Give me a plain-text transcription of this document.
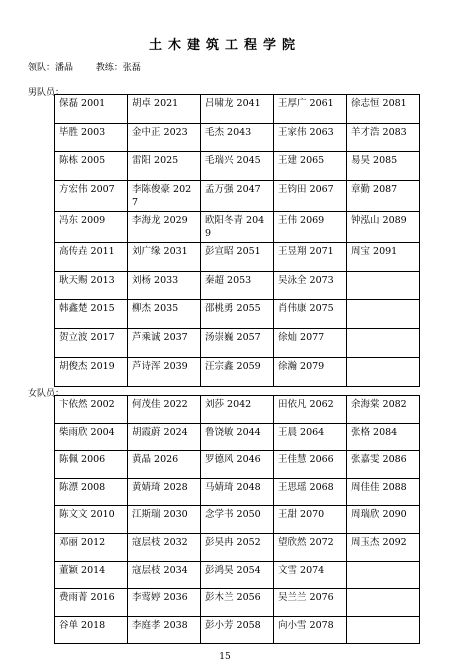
土木建筑工程学院
领队：潘晶	教练：张磊
男队员：
保磊 2001	胡卓 2021	吕啸龙 2041	王厚广 2061	徐志恒 2081
毕胜 2003	金中正 2023	毛杰 2043	王家伟 2063	羊才浩 2083
陈栋 2005	雷阳 2025	毛瑞兴 2045	王建 2065	易昊 2085
方宏伟 2007	李陈俊豪 2027	孟万强 2047	王钧田 2067	章勤 2087
冯东 2009	李海龙 2029	欧阳冬青 2049	王伟 2069	钟泓山 2089
高传垚 2011	刘广缘 2031	彭宣昭 2051	王昱翔 2071	周宝 2091
耿天赐 2013	刘杨 2033	秦超 2053	吴泳全 2073	
韩鑫楚 2015	柳杰 2035	邵桃勇 2055	肖伟康 2075	
贺立波 2017	芦乘诚 2037	汤崇巍 2057	徐灿 2077	
胡俊杰 2019	芦诗浑 2039	汪宗鑫 2059	徐瀚 2079	
女队员：
卞依然 2002	何茂佳 2022	刘莎 2042	田依凡 2062	余海棠 2082
柴雨欣 2004	胡霞蔚 2024	鲁饶敏 2044	王晨 2064	张格 2084
陈佩 2006	黄晶 2026	罗德风 2046	王佳慧 2066	张嘉雯 2086
陈漂 2008	黄婧琦 2028	马婧琦 2048	王思瑶 2068	周佳佳 2088
陈文文 2010	江斯瑞 2030	念学书 2050	王甜 2070	周瑞欣 2090
邓丽 2012	寇层枝 2032	彭昊冉 2052	望欣然 2072	周玉杰 2092
董颖 2014	寇层枝 2034	彭鸿昊 2054	文雪 2074	
费雨菁 2016	李莺婷 2036	彭木兰 2056	吴兰兰 2076	
谷单 2018	李庭孝 2038	彭小芳 2058	向小雪 2078	
15
